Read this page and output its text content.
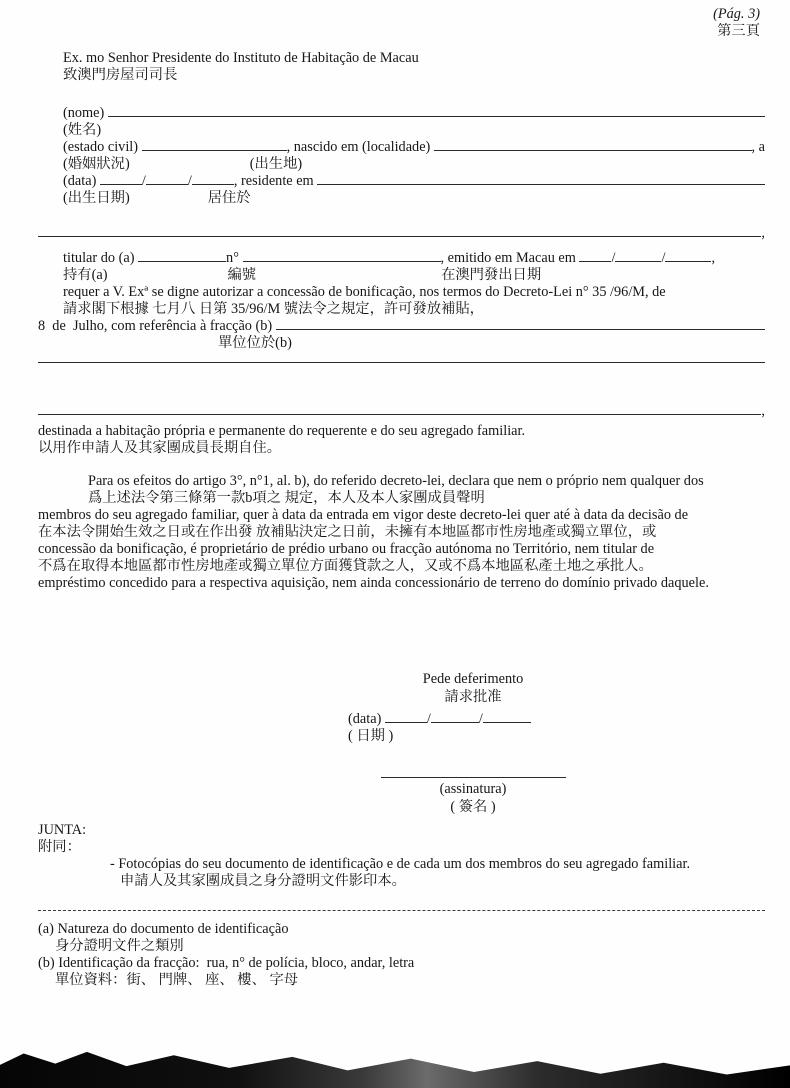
(Pág. 3)
第三頁
Ex. mo Senhor Presidente do Instituto de Habitação de Macau
致澳門房屋司司長
(nome)

(姓名)
(estado civil)
	, nascido em (localidade)
	, a
(婚姻狀況)	(出生地)
(data)
	/	/	, residente em

(出生日期)	居住於
,
titular do (a)
	n°
	, emitido em Macau em
/	/	,
持有(a)	編號	在澳門發出日期
requer a V. Exª se digne autorizar a concessão de bonificação, nos termos do Decreto-Lei n° 35 /96/M, de
請求閣下根據 七月八 日第 35/96/M 號法令之規定，許可發放補貼，
8  de  Julho, com referência à fracção (b)

單位位於(b)
,
destinada a habitação própria e permanente do requerente e do seu agregado familiar.
以用作申請人及其家團成員長期自住。
Para os efeitos do artigo 3°, n°1, al. b), do referido decreto-lei, declara que nem o próprio nem qualquer dos
爲上述法令第三條第一款b項之 規定，本人及本人家團成員聲明
membros do seu agregado familiar, quer à data da entrada em vigor deste decreto-lei quer até à data da decisão de
在本法令開始生效之日或在作出發 放補貼決定之日前，未擁有本地區都市性房地產或獨立單位，或
concessão da bonificação, é proprietário de prédio urbano ou fracção autónoma no Território, nem titular de
不爲在取得本地區都市性房地產或獨立單位方面獲貸款之人，又或不爲本地區私產土地之承批人。
empréstimo concedido para a respectiva aquisição, nem ainda concessionário de terreno do domínio privado daquele.
Pede deferimento
請求批准
(data)
	/	/
( 日期 )
(assinatura)
( 簽名 )
JUNTA:
附同：
- Fotocópias do seu documento de identificação e de cada um dos membros do seu agregado familiar.
申請人及其家團成員之身分證明文件影印本。
(a) Natureza do documento de identificação
身分證明文件之類別
(b) Identificação da fracção:  rua, n° de polícia, bloco, andar, letra
單位資料：街、 門牌、 座、 樓、 字母
